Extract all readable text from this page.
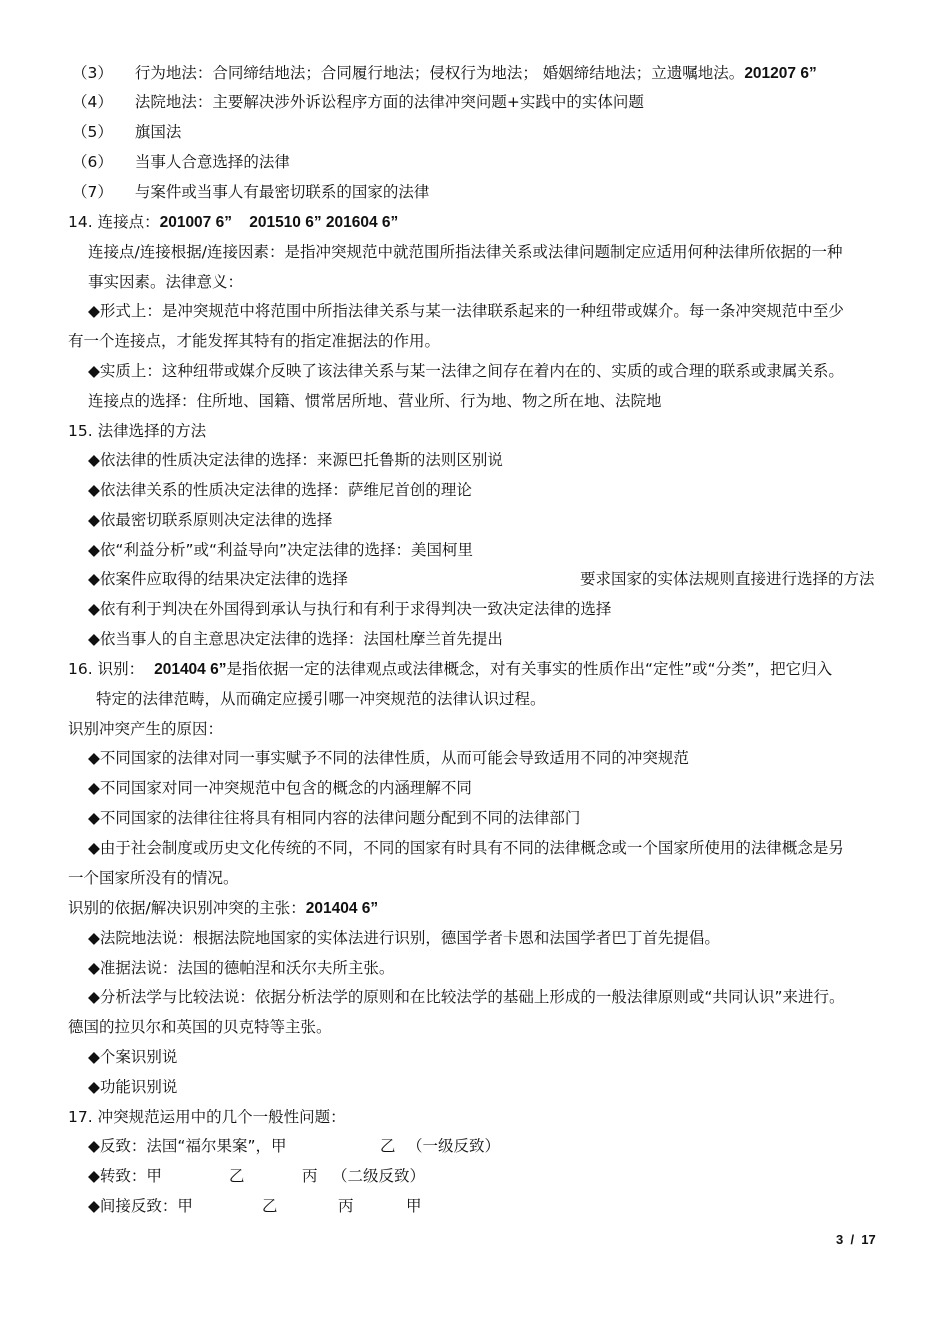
（3） 行为地法：合同缔结地法；合同履行地法；侵权行为地法； 婚姻缔结地法；立遗嘱地法。201207 6”
（4） 法院地法：主要解决涉外诉讼程序方面的法律冲突问题+实践中的实体问题
（5） 旗国法
（6） 当事人合意选择的法律
（7） 与案件或当事人有最密切联系的国家的法律
14. 连接点：201007 6”    201510 6” 201604 6”
连接点/连接根据/连接因素：是指冲突规范中就范围所指法律关系或法律问题制定应适用何种法律所依据的一种
事实因素。法律意义：
◆形式上：是冲突规范中将范围中所指法律关系与某一法律联系起来的一种纽带或媒介。每一条冲突规范中至少
有一个连接点，才能发挥其特有的指定准据法的作用。
◆实质上：这种纽带或媒介反映了该法律关系与某一法律之间存在着内在的、实质的或合理的联系或隶属关系。
连接点的选择：住所地、国籍、惯常居所地、营业所、行为地、物之所在地、法院地
15. 法律选择的方法
◆依法律的性质决定法律的选择：来源巴托鲁斯的法则区别说
◆依法律关系的性质决定法律的选择：萨维尼首创的理论
◆依最密切联系原则决定法律的选择
◆依“利益分析”或“利益导向”决定法律的选择：美国柯里
◆依案件应取得的结果决定法律的选择	要求国家的实体法规则直接进行选择的方法
◆依有利于判决在外国得到承认与执行和有利于求得判决一致决定法律的选择
◆依当事人的自主意思决定法律的选择：法国杜摩兰首先提出
16. 识别： 201404 6”是指依据一定的法律观点或法律概念，对有关事实的性质作出“定性”或“分类”，把它归入
特定的法律范畴，从而确定应援引哪一冲突规范的法律认识过程。
识别冲突产生的原因：
◆不同国家的法律对同一事实赋予不同的法律性质，从而可能会导致适用不同的冲突规范
◆不同国家对同一冲突规范中包含的概念的内涵理解不同
◆不同国家的法律往往将具有相同内容的法律问题分配到不同的法律部门
◆由于社会制度或历史文化传统的不同，不同的国家有时具有不同的法律概念或一个国家所使用的法律概念是另
一个国家所没有的情况。
识别的依据/解决识别冲突的主张：201404 6”
◆法院地法说：根据法院地国家的实体法进行识别，德国学者卡恩和法国学者巴丁首先提倡。
◆准据法说：法国的德帕涅和沃尔夫所主张。
◆分析法学与比较法说：依据分析法学的原则和在比较法学的基础上形成的一般法律原则或“共同认识”来进行。
德国的拉贝尔和英国的贝克特等主张。
◆个案识别说
◆功能识别说
17. 冲突规范运用中的几个一般性问题：
◆反致：法国“福尔果案”，甲	乙 （一级反致）
◆转致：甲	乙	丙 （二级反致）
◆间接反致：甲	乙	丙	甲
3  /  17
